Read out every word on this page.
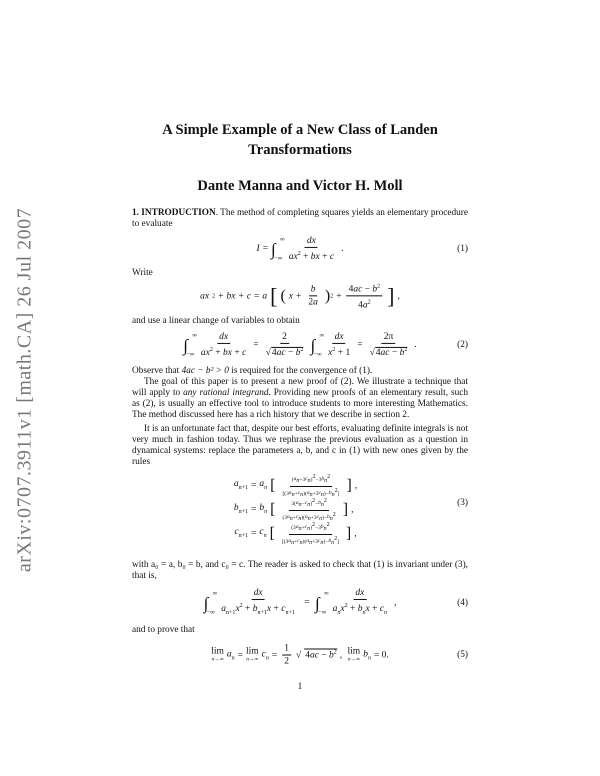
arXiv:0707.3911v1 [math.CA] 26 Jul 2007
A Simple Example of a New Class of Landen
Transformations
Dante Manna and Victor H. Moll
1. INTRODUCTION. The method of completing squares yields an elementary procedure to evaluate
I = ∫
∞
−∞ $\frac{dx}{ax^2 + bx + c}$ .	(1)
Write
ax 2 + bx + c = a [ ( $x + \frac{b}{2a}$ ) $2 + \frac{4ac - b^2}{4a^2}$ ] ,
and use a linear change of variables to obtain
∫
∞
−∞ $\frac{dx}{ax^2 + bx + c} = \frac{2}{√4ac - b^2}$ ∫
∞
−∞ $\frac{dx}{x^2 + 1} = \frac{2\pi}{√4ac - b^2}$ .	(2)
Observe that 4ac − b² > 0 is required for the convergence of (1).
The goal of this paper is to present a new proof of (2). We illustrate a technique that will apply to any rational integrand. Providing new proofs of an elementary result, such as (2), is usually an effective tool to introduce students to more interesting Mathematics. The method discussed here has a rich history that we describe in section 2.
It is an unfortunate fact that, despite our best efforts, evaluating definite integrals is not very much in fashion today. Thus we rephrase the previous evaluation as a question in dynamical systems: replace the parameters a, b, and c in (1) with new ones given by the rules
$a_{n+1} = a_n$ [ $\frac{(a_n+3c_n)^2-3b_n^2}{[(3a_n+c_n)(a_n+3c_n)-b_n^2]}$ ] ,
$b_{n+1} = b_n$ [ $\frac{3(a_n-c_n)^2-b_n^2}{(3a_n+c_n)(a_n+3c_n)-b_n^2}$ ] ,
$c_{n+1} = c_n$ [ $\frac{(3a_n+c_n)^2-3b_n^2}{[(3a_n+c_n)(a_n+3c_n)-b_n^2]}$ ] ,
(3)
with a₀ = a, b₀ = b, and c₀ = c. The reader is asked to check that (1) is invariant under (3), that is,
∫
∞
−∞ $\frac{dx}{a_{n+1}x^2 + b_{n+1}x + c_{n+1}}$ = ∫
∞
−∞ $\frac{dx}{a_nx^2 + b_nx + c_n}$ ,	(4)
and to prove that
lim
n→∞ $a_n = \lim$
n→∞ $c_n = \frac{1}{2}$ √ $4ac - b^2$ , lim
n→∞ $b_n = 0$.	(5)
1
